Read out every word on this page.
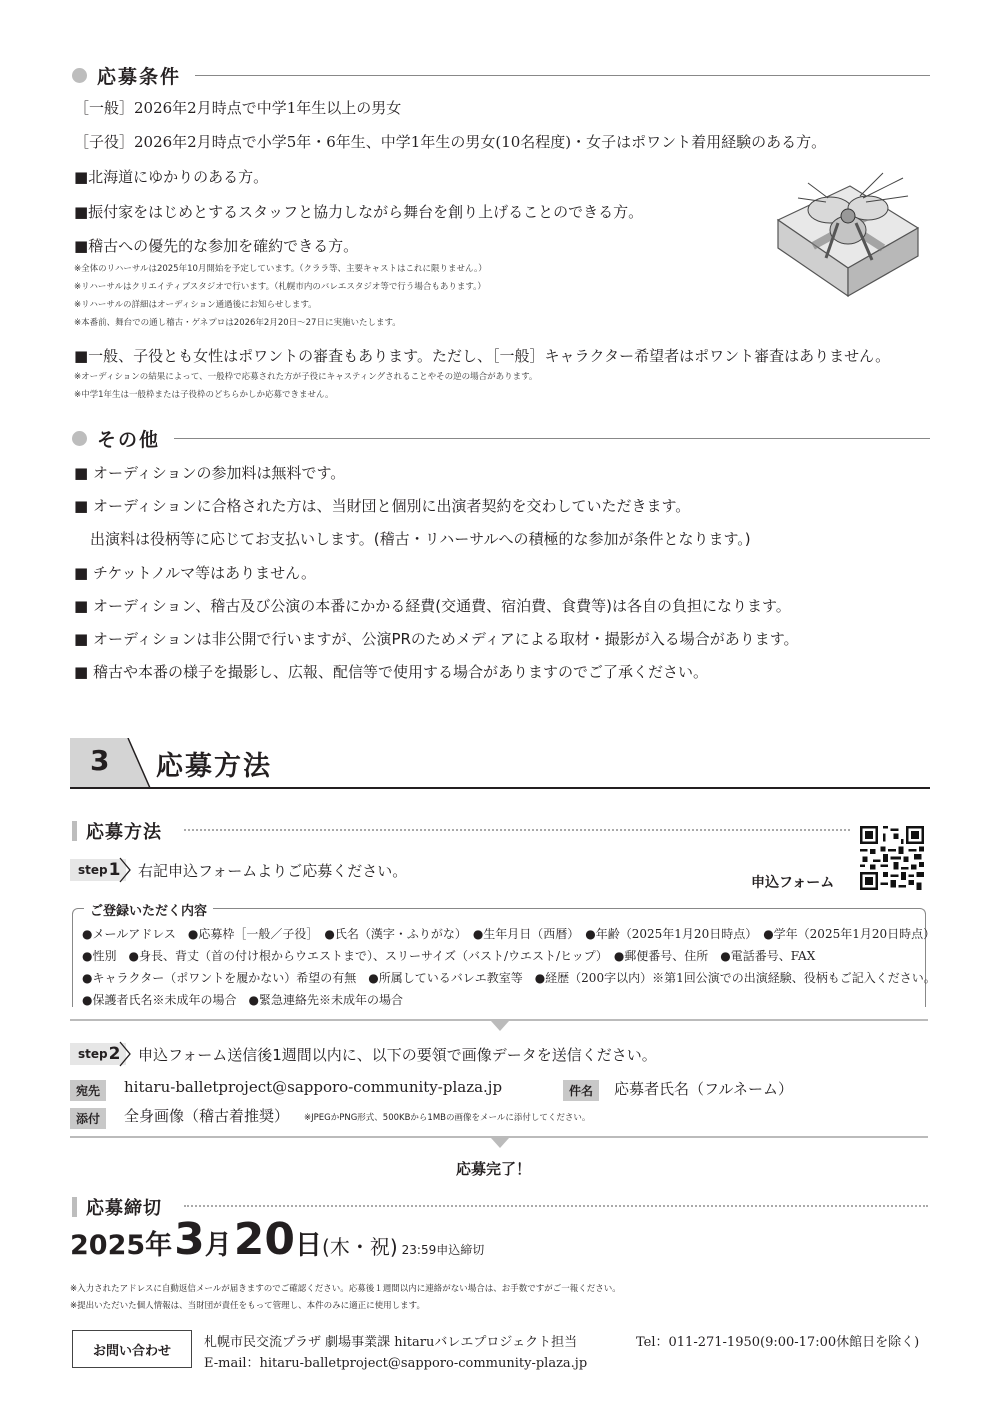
応募条件
［一般］2026年2月時点で中学1年生以上の男女
［子役］2026年2月時点で小学5年・6年生、中学1年生の男女(10名程度)・女子はポワント着用経験のある方。
■北海道にゆかりのある方。
■振付家をはじめとするスタッフと協力しながら舞台を創り上げることのできる方。
■稽古への優先的な参加を確約できる方。
※全体のリハーサルは2025年10月開始を予定しています。（クララ等、主要キャストはこれに限りません。）
※リハーサルはクリエイティブスタジオで行います。（札幌市内のバレエスタジオ等で行う場合もあります。）
※リハーサルの詳細はオーディション通過後にお知らせします。
※本番前、舞台での通し稽古・ゲネプロは2026年2月20日～27日に実施いたします。
■一般、子役とも女性はポワントの審査もあります。ただし、［一般］キャラクター希望者はポワント審査はありません。
※オーディションの結果によって、一般枠で応募された方が子役にキャスティングされることやその逆の場合があります。
※中学1年生は一般枠または子役枠のどちらかしか応募できません。
その他
■ オーディションの参加料は無料です。
■ オーディションに合格された方は、当財団と個別に出演者契約を交わしていただきます。
出演料は役柄等に応じてお支払いします。(稽古・リハーサルへの積極的な参加が条件となります。)
■ チケットノルマ等はありません。
■ オーディション、稽古及び公演の本番にかかる経費(交通費、宿泊費、食費等)は各自の負担になります。
■ オーディションは非公開で行いますが、公演PRのためメディアによる取材・撮影が入る場合があります。
■ 稽古や本番の様子を撮影し、広報、配信等で使用する場合がありますのでご了承ください。
3 応募方法
応募方法
step 1 右記申込フォームよりご応募ください。
申込フォーム
ご登録いただく内容
●メールアドレス　●応募枠［一般／子役］　●氏名（漢字・ふりがな）　●生年月日（西暦）　●年齢（2025年1月20日時点）　●学年（2025年1月20日時点）
●性別　●身長、背丈（首の付け根からウエストまで）、スリーサイズ（バスト/ウエスト/ヒップ）　●郵便番号、住所　●電話番号、FAX
●キャラクター（ポワントを履かない）希望の有無　●所属しているバレエ教室等　●経歴（200字以内）※第1回公演での出演経験、役柄もご記入ください。
●保護者氏名※未成年の場合　●緊急連絡先※未成年の場合
step 2 申込フォーム送信後1週間以内に、以下の要領で画像データを送信ください。
宛先	hitaru-balletproject@sapporo-community-plaza.jp	件名	応募者氏名（フルネーム）
添付	全身画像（稽古着推奨） ※JPEGかPNG形式、500KBから1MBの画像をメールに添付してください。
応募完了！
応募締切
2025年 3 月 20 日 (木・祝) 23:59申込締切
※入力されたアドレスに自動返信メールが届きますのでご確認ください。応募後１週間以内に連絡がない場合は、お手数ですがご一報ください。
※提出いただいた個人情報は、当財団が責任をもって管理し、本件のみに適正に使用します。
お問い合わせ
札幌市民交流プラザ 劇場事業課 hitaruバレエプロジェクト担当	Tel：011-271-1950(9:00-17:00休館日を除く)
E-mail：hitaru-balletproject@sapporo-community-plaza.jp
